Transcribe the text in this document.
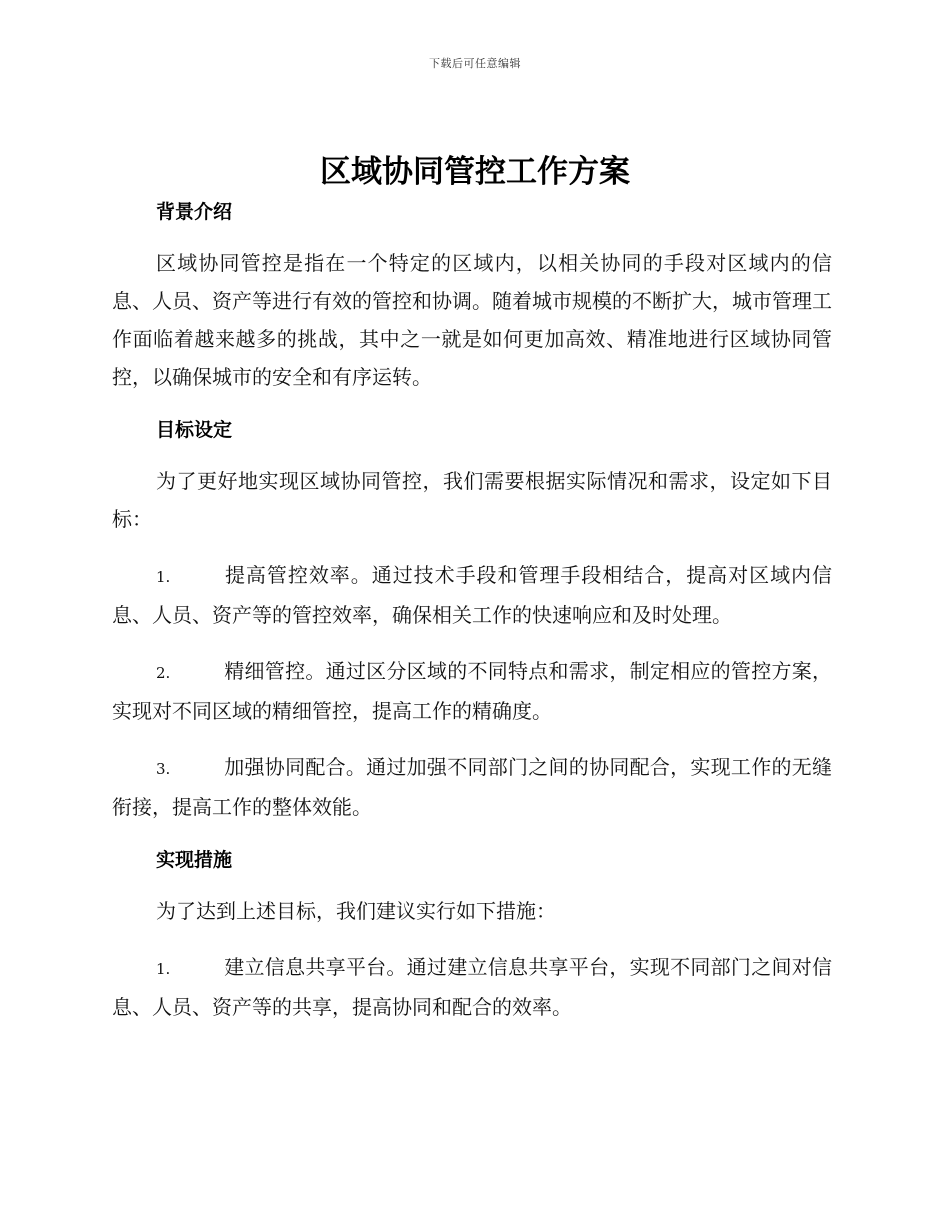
下载后可任意编辑
区域协同管控工作方案
背景介绍

区域协同管控是指在一个特定的区域内，以相关协同的手段对区域内的信息、人员、资产等进行有效的管控和协调。随着城市规模的不断扩大，城市管理工作面临着越来越多的挑战，其中之一就是如何更加高效、精准地进行区域协同管控，以确保城市的安全和有序运转。

目标设定

为了更好地实现区域协同管控，我们需要根据实际情况和需求，设定如下目标：

1.	提高管控效率。通过技术手段和管理手段相结合，提高对区域内信息、人员、资产等的管控效率，确保相关工作的快速响应和及时处理。

2.	精细管控。通过区分区域的不同特点和需求，制定相应的管控方案，实现对不同区域的精细管控，提高工作的精确度。

3.	加强协同配合。通过加强不同部门之间的协同配合，实现工作的无缝衔接，提高工作的整体效能。

实现措施

为了达到上述目标，我们建议实行如下措施：

1.	建立信息共享平台。通过建立信息共享平台，实现不同部门之间对信息、人员、资产等的共享，提高协同和配合的效率。
